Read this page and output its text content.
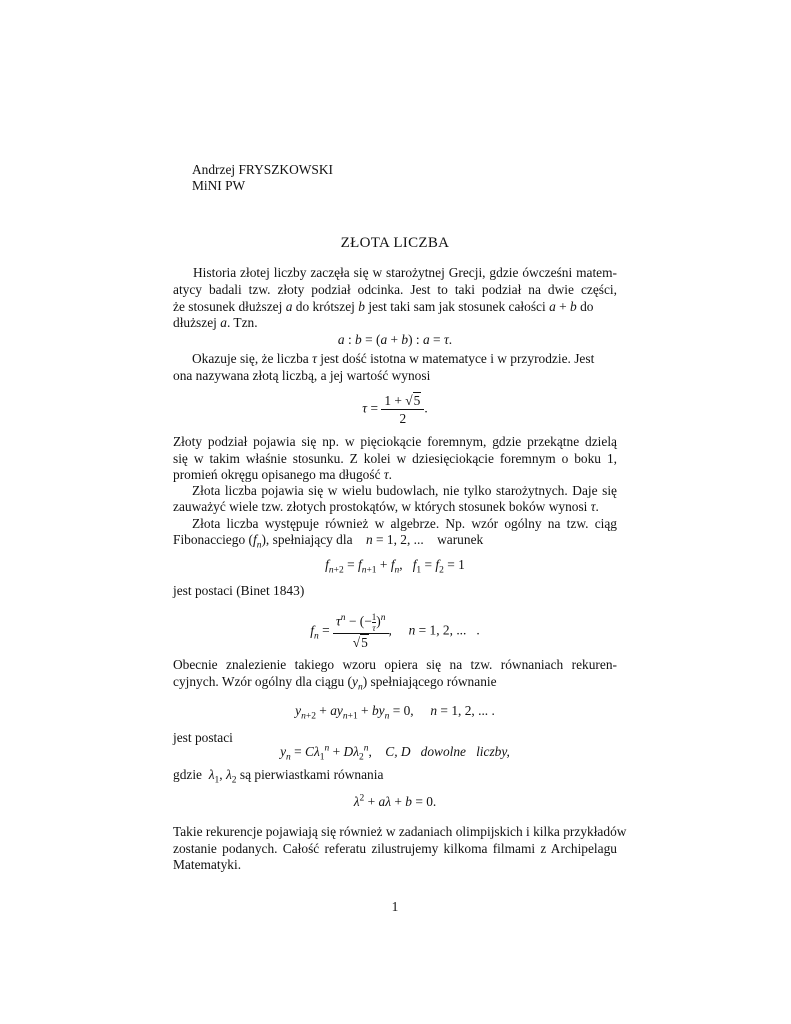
Andrzej FRYSZKOWSKI
MiNI PW
ZŁOTA LICZBA
Historia złotej liczby zaczęła się w starożytnej Grecji, gdzie ówcześni matem-
atycy badali tzw. złoty podział odcinka. Jest to taki podział na dwie części,
że stosunek dłuższej a do krótszej b jest taki sam jak stosunek całości a + b do
dłuższej a. Tzn.
a : b = (a + b) : a = τ.
Okazuje się, że liczba τ jest dość istotna w matematyce i w przyrodzie. Jest
ona nazywana złotą liczbą, a jej wartość wynosi
$\tau = \frac{1 + √5}{2}$ .
Złoty podział pojawia się np. w pięciokącie foremnym, gdzie przekątne dzielą
się w takim właśnie stosunku. Z kolei w dziesięciokącie foremnym o boku 1,
promień okręgu opisanego ma długość τ.
Złota liczba pojawia się w wielu budowlach, nie tylko starożytnych. Daje się
zauważyć wiele tzw. złotych prostokątów, w których stosunek boków wynosi τ.
Złota liczba występuje również w algebrze. Np. wzór ogólny na tzw. ciąg
Fibonacciego $(f_n)$, spełniający dla n = 1, 2, ...    warunek
$f_{n+2} = f_{n+1} + f_n$,   $f_1 = f_2 = 1$
jest postaci (Binet 1843)
$f_n = \frac{\tau^n - (- \frac{1}{\tau} )^n}{√5}$ ,     n = 1, 2, ...   .
Obecnie znalezienie takiego wzoru opiera się na tzw. równaniach rekuren-
cyjnych. Wzór ogólny dla ciągu $(y_n)$ spełniającego równanie
$y_{n+2} + ay_{n+1} + by_n = 0$,     n = 1, 2, ... .
jest postaci
$y_n = C\lambda_1^n + D\lambda_2^n$,    C, D dowolne liczby,
gdzie $\lambda_1$, $\lambda_2$ są pierwiastkami równania
$\lambda^2 + a\lambda + b = 0$.
Takie rekurencje pojawiają się również w zadaniach olimpijskich i kilka przykładów
zostanie podanych. Całość referatu zilustrujemy kilkoma filmami z Archipelagu
Matematyki.
1
